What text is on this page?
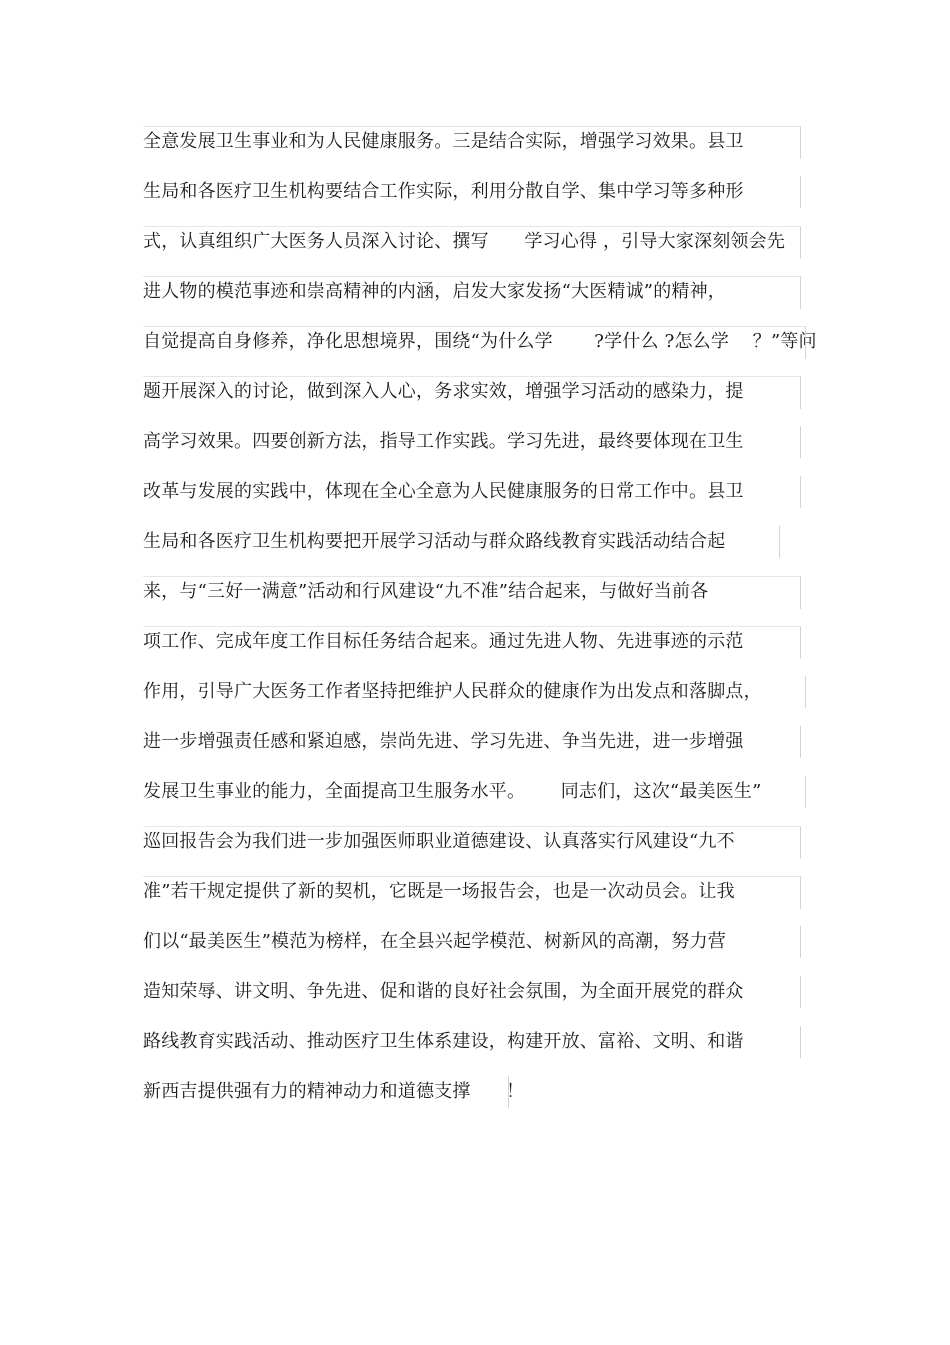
全意发展卫生事业和为人民健康服务。三是结合实际，增强学习效果。县卫
生局和各医疗卫生机构要结合工作实际，利用分散自学、集中学习等多种形
式，认真组织广大医务人员深入讨论、撰写      学习心得 ，引导大家深刻领会先
进人物的模范事迹和崇高精神的内涵，启发大家发扬“大医精诚”的精神，
自觉提高自身修养，净化思想境界，围绕“为什么学       ?学什么 ?怎么学    ？”等问
题开展深入的讨论，做到深入人心，务求实效，增强学习活动的感染力，提
高学习效果。四要创新方法，指导工作实践。学习先进，最终要体现在卫生
改革与发展的实践中，体现在全心全意为人民健康服务的日常工作中。县卫
生局和各医疗卫生机构要把开展学习活动与群众路线教育实践活动结合起
来，与“三好一满意”活动和行风建设“九不准”结合起来，与做好当前各
项工作、完成年度工作目标任务结合起来。通过先进人物、先进事迹的示范
作用，引导广大医务工作者坚持把维护人民群众的健康作为出发点和落脚点，
进一步增强责任感和紧迫感，崇尚先进、学习先进、争当先进，进一步增强
发展卫生事业的能力，全面提高卫生服务水平。      同志们，这次“最美医生”
巡回报告会为我们进一步加强医师职业道德建设、认真落实行风建设“九不
准”若干规定提供了新的契机，它既是一场报告会，也是一次动员会。让我
们以“最美医生”模范为榜样，在全县兴起学模范、树新风的高潮，努力营
造知荣辱、讲文明、争先进、促和谐的良好社会氛围，为全面开展党的群众
路线教育实践活动、推动医疗卫生体系建设，构建开放、富裕、文明、和谐
新西吉提供强有力的精神动力和道德支撑      ！
